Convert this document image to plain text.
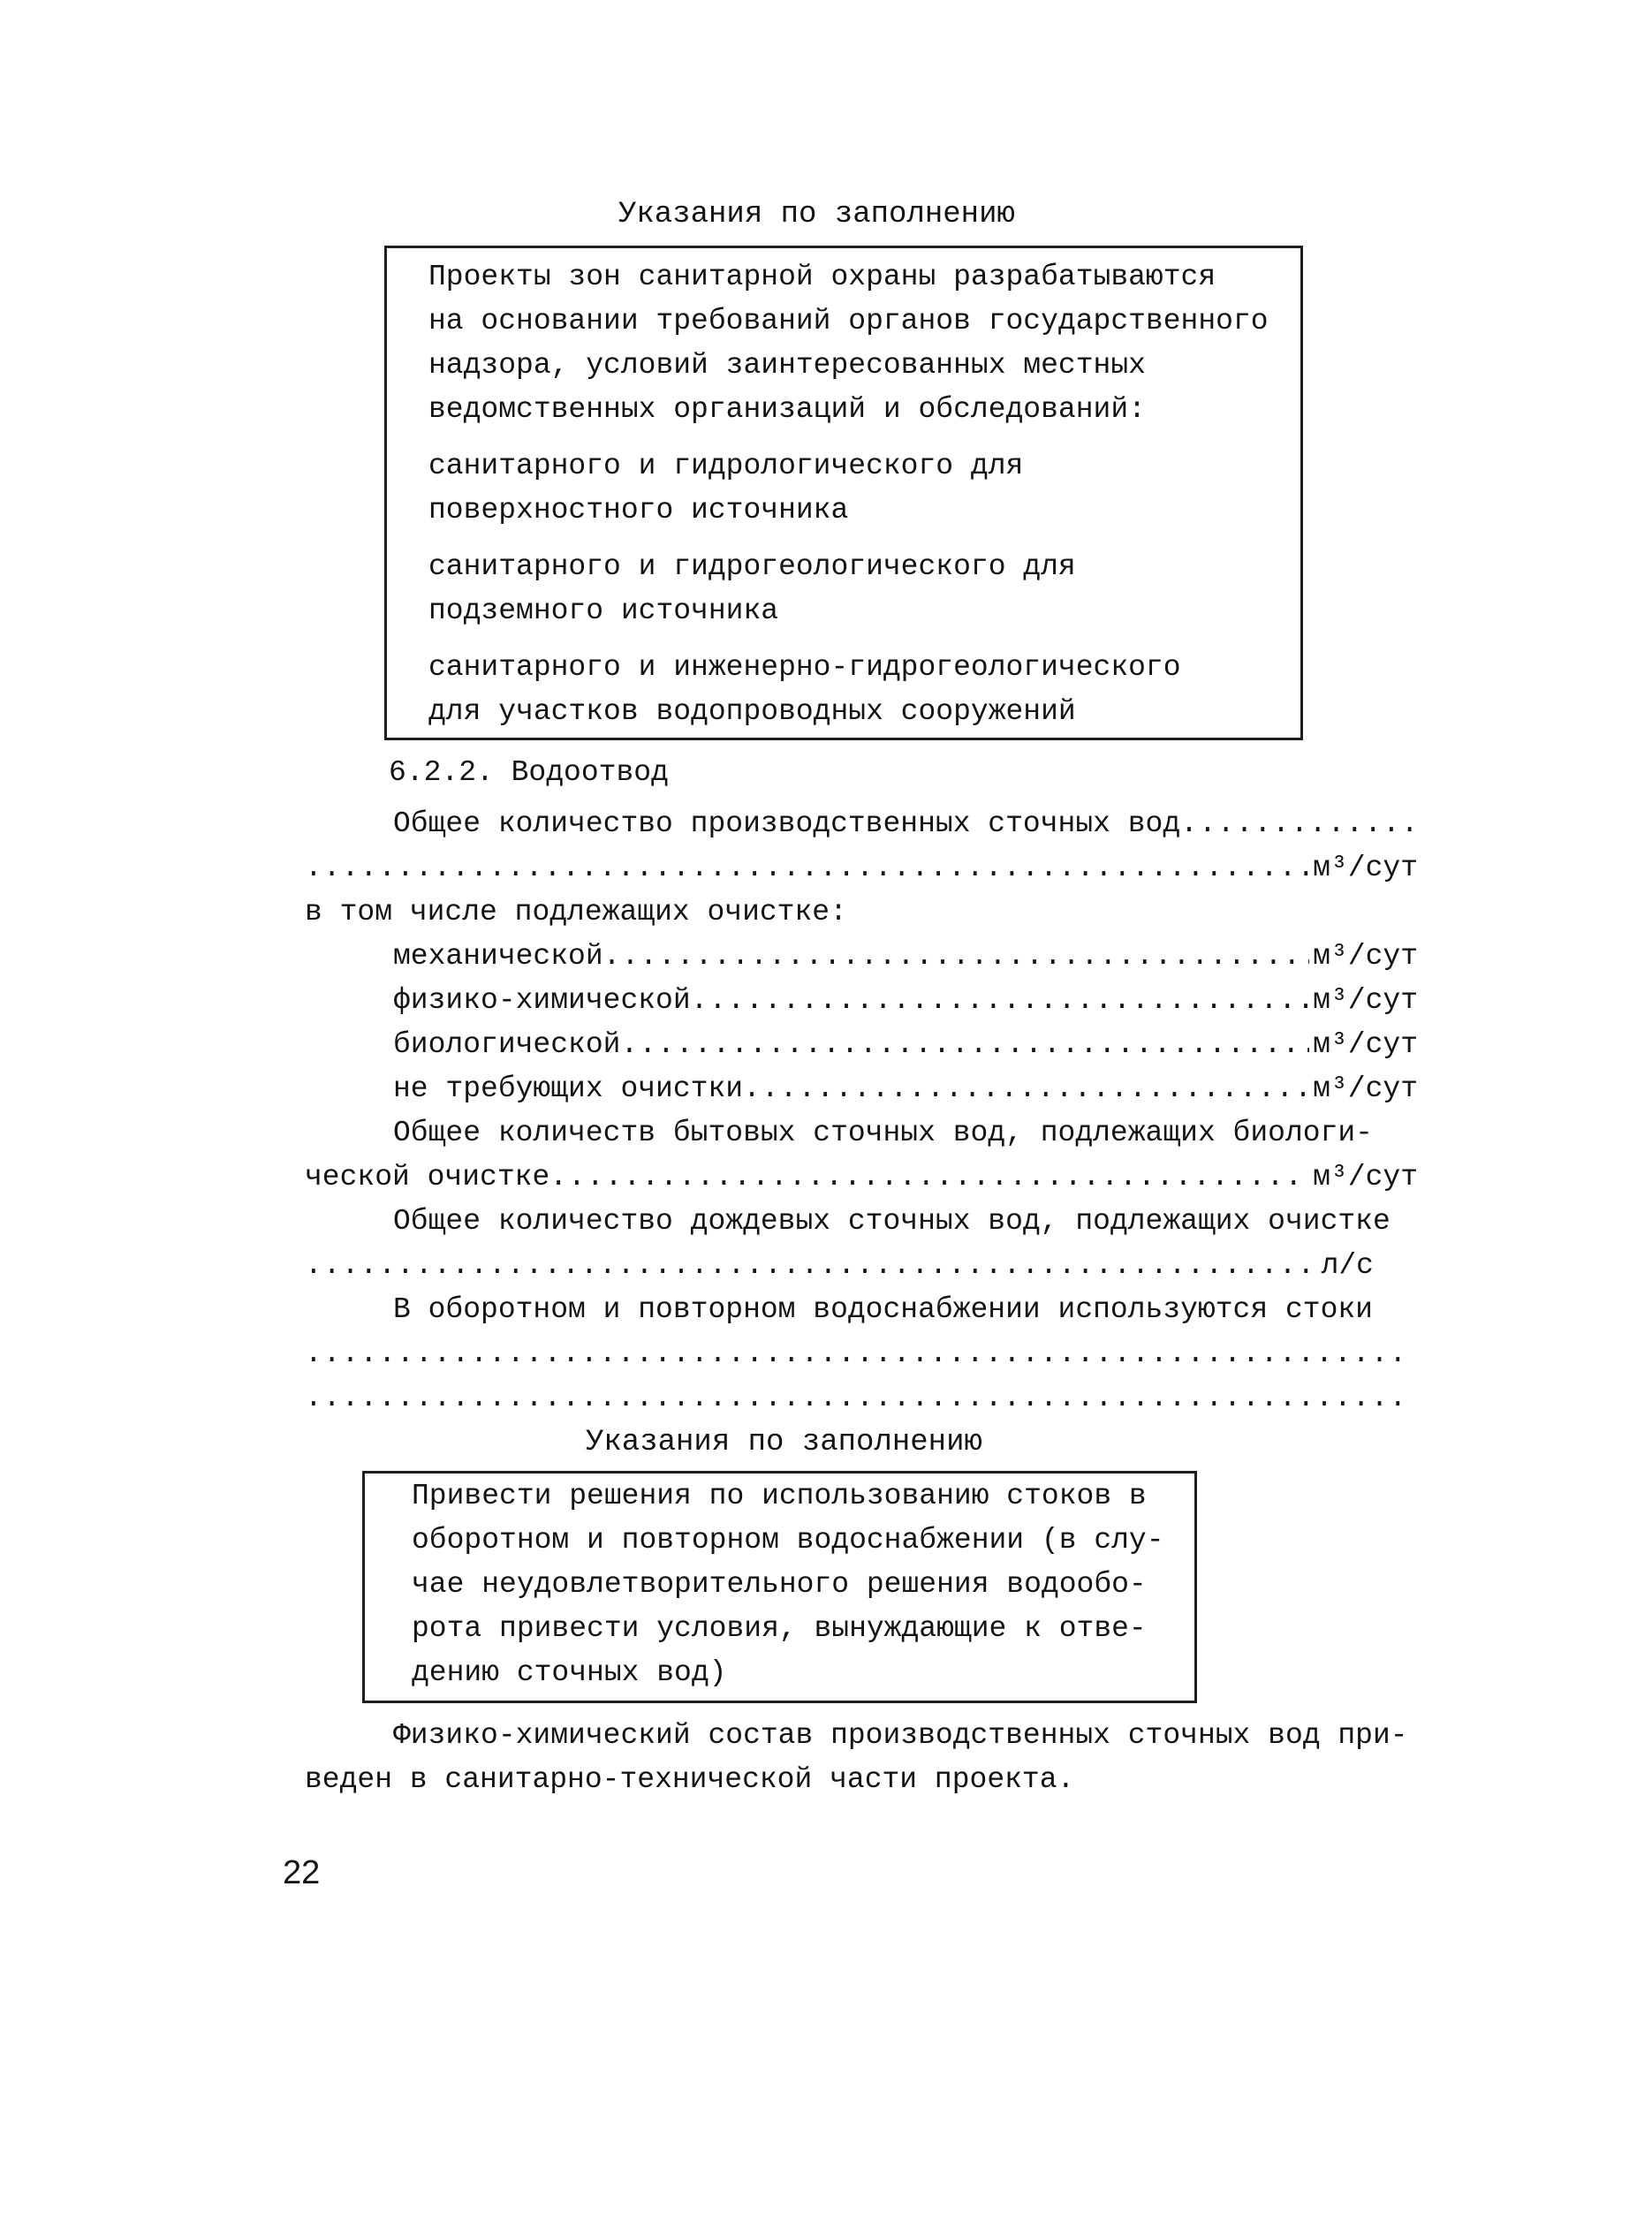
Указания по заполнению

Проекты зон санитарной охраны разрабатываются

на основании требований органов государственного

надзора, условий заинтересованных местных

ведомственных организаций и обследований:

санитарного и гидрологического для

поверхностного источника

санитарного и гидрогеологического для

подземного источника

санитарного и инженерно-гидрогеологического

для участков водопроводных сооружений

6.2.2. Водоотвод
Общее количество производственных сточных вод
.....
.....
м³/сут
в том числе подлежащих очистке:
механической .....	м³/сут
физико-химической .....	м³/сут
биологической .....	м³/сут
не требующих очистки .....	м³/сут
Общее количеств бытовых сточных вод, подлежащих биологи-
ческой очистке .....	м³/сут
Общее количество дождевых сточных вод, подлежащих очистке
.....
л/с
В оборотном и повторном водоснабжении используются стоки
.....
.....
Указания по заполнению

Привести решения по использованию стоков в

оборотном и повторном водоснабжении (в слу-

чае неудовлетворительного решения водообо-

рота привести условия, вынуждающие к отве-

дению сточных вод)

Физико-химический состав производственных сточных вод при-
веден в санитарно-технической части проекта.
22
